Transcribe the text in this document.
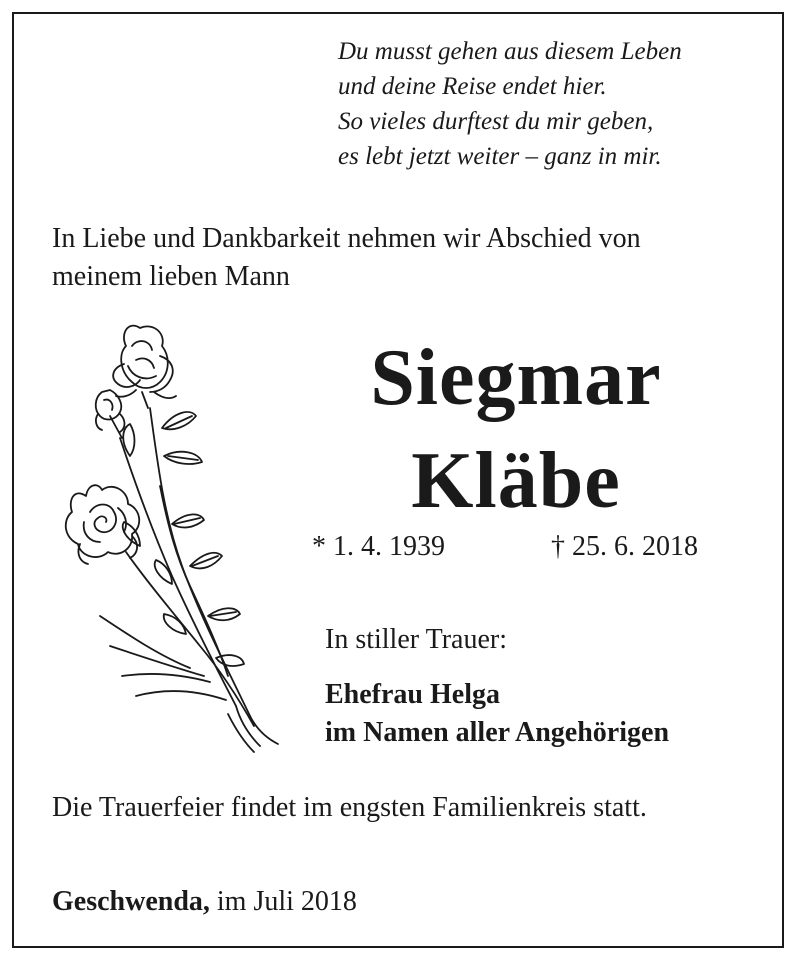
Du musst gehen aus diesem Leben
und deine Reise endet hier.
So vieles durftest du mir geben,
es lebt jetzt weiter – ganz in mir.
In Liebe und Dankbarkeit nehmen wir Abschied von
meinem lieben Mann
Siegmar
Kläbe
* 1. 4. 1939	† 25. 6. 2018
In stiller Trauer:
Ehefrau Helga
im Namen aller Angehörigen
Die Trauerfeier findet im engsten Familienkreis statt.
Geschwenda, im Juli 2018
